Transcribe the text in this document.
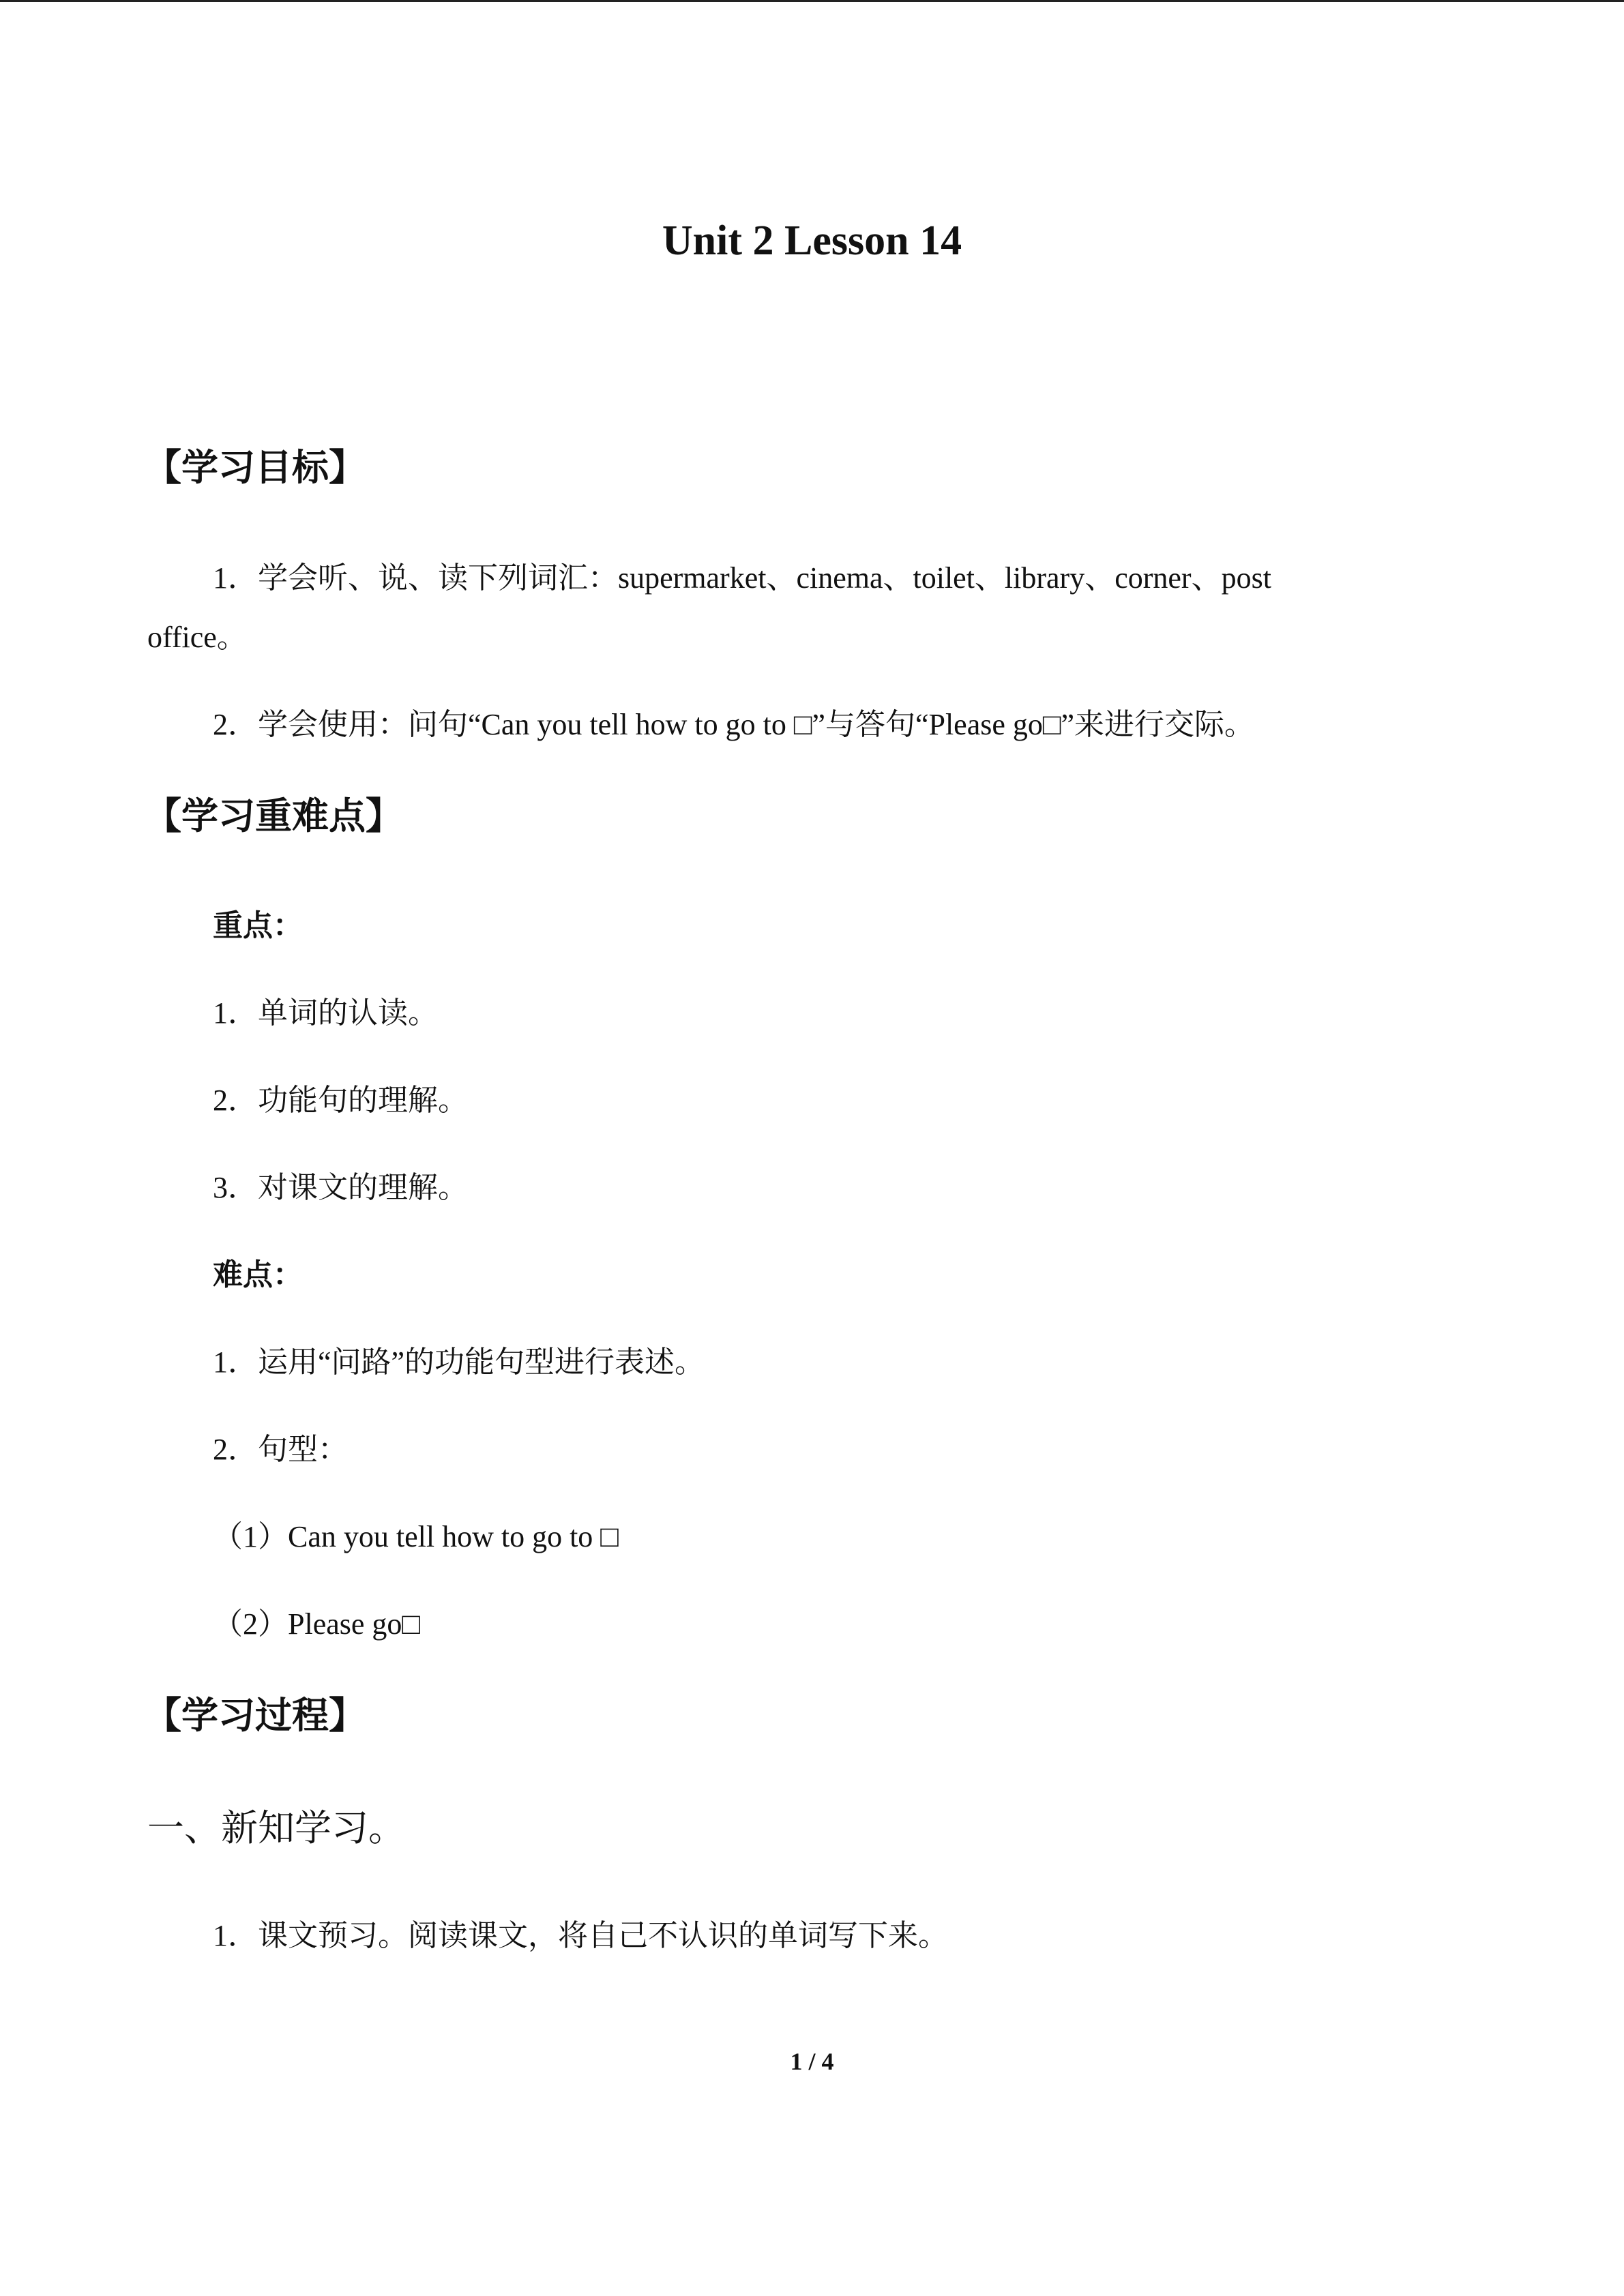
Unit 2 Lesson 14
【学习目标】
1．学会听、说、读下列词汇：supermarket、cinema、toilet、library、corner、post
office。
2．学会使用：问句“Can you tell how to go to □”与答句“Please go□”来进行交际。
【学习重难点】
重点：
1．单词的认读。
2．功能句的理解。
3．对课文的理解。
难点：
1．运用“问路”的功能句型进行表述。
2．句型：
（1）Can you tell how to go to □
（2）Please go□
【学习过程】
一、新知学习。
1．课文预习。阅读课文，将自己不认识的单词写下来。
1 / 4
